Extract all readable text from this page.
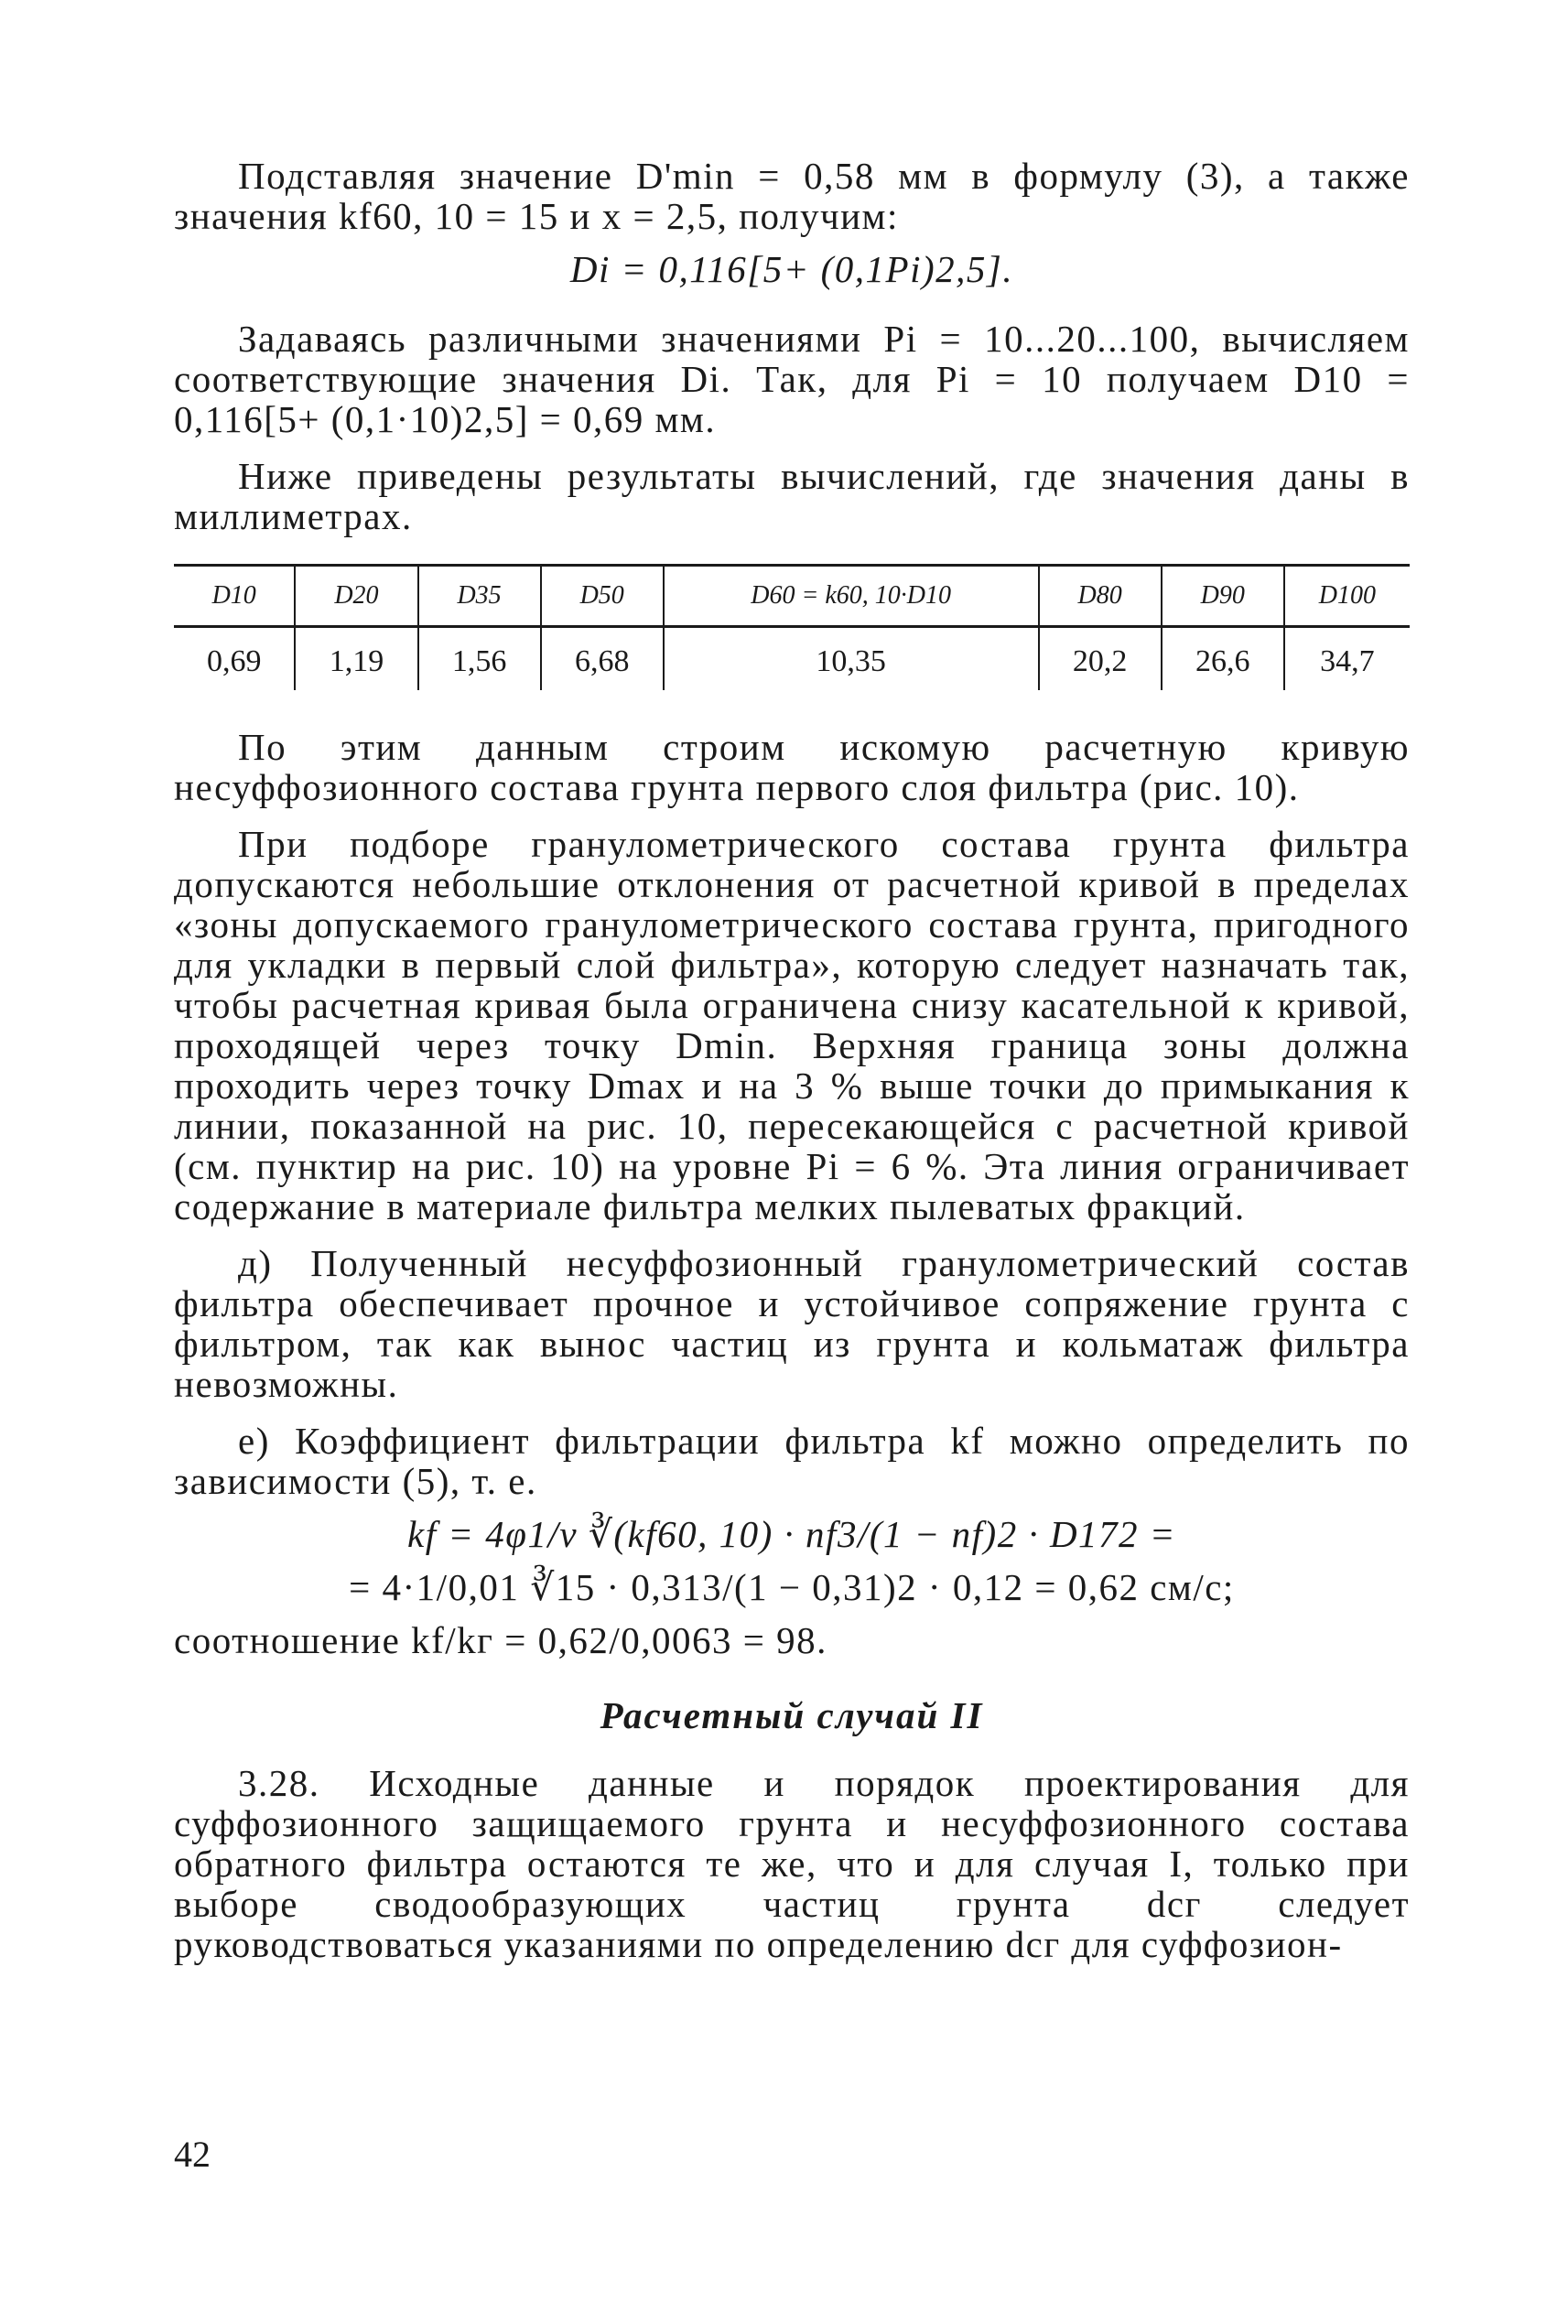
Подставляя значение D'min = 0,58 мм в формулу (3), а также значения kf60, 10 = 15 и x = 2,5, получим:

Di = 0,116[5+ (0,1Pi)2,5].

Задаваясь различными значениями Pi = 10...20...100, вычисляем соответствующие значения Di. Так, для Pi = 10 получаем D10 = 0,116[5+ (0,1·10)2,5] = 0,69 мм.

Ниже приведены результаты вычислений, где значения даны в миллиметрах.

D10	D20	D35	D50	D60 = k60, 10·D10	D80	D90	D100
0,69	1,19	1,56	6,68	10,35	20,2	26,6	34,7

По этим данным строим искомую расчетную кривую несуффозионного состава грунта первого слоя фильтра (рис. 10).

При подборе гранулометрического состава грунта фильтра допускаются небольшие отклонения от расчетной кривой в пределах «зоны допускаемого гранулометрического состава грунта, пригодного для укладки в первый слой фильтра», которую следует назначать так, чтобы расчетная кривая была ограничена снизу касательной к кривой, проходящей через точку Dmin. Верхняя граница зоны должна проходить через точку Dmax и на 3 % выше точки до примыкания к линии, показанной на рис. 10, пересекающейся с расчетной кривой (см. пунктир на рис. 10) на уровне Pi = 6 %. Эта линия ограничивает содержание в материале фильтра мелких пылеватых фракций.

д) Полученный несуффозионный гранулометрический состав фильтра обеспечивает прочное и устойчивое сопряжение грунта с фильтром, так как вынос частиц из грунта и кольматаж фильтра невозможны.

е) Коэффициент фильтрации фильтра kf можно определить по зависимости (5), т. е.

kf = 4φ1/ν ∛(kf60, 10) · nf3/(1 − nf)2 · D172 =

= 4·1/0,01 ∛15 · 0,313/(1 − 0,31)2 · 0,12 = 0,62 см/с;

соотношение kf/kг = 0,62/0,0063 = 98.

Расчетный случай II

3.28. Исходные данные и порядок проектирования для суффозионного защищаемого грунта и несуффозионного состава обратного фильтра остаются те же, что и для случая I, только при выборе сводообразующих частиц грунта dсг следует руководствоваться указаниями по определению dсг для суффозион-

42
